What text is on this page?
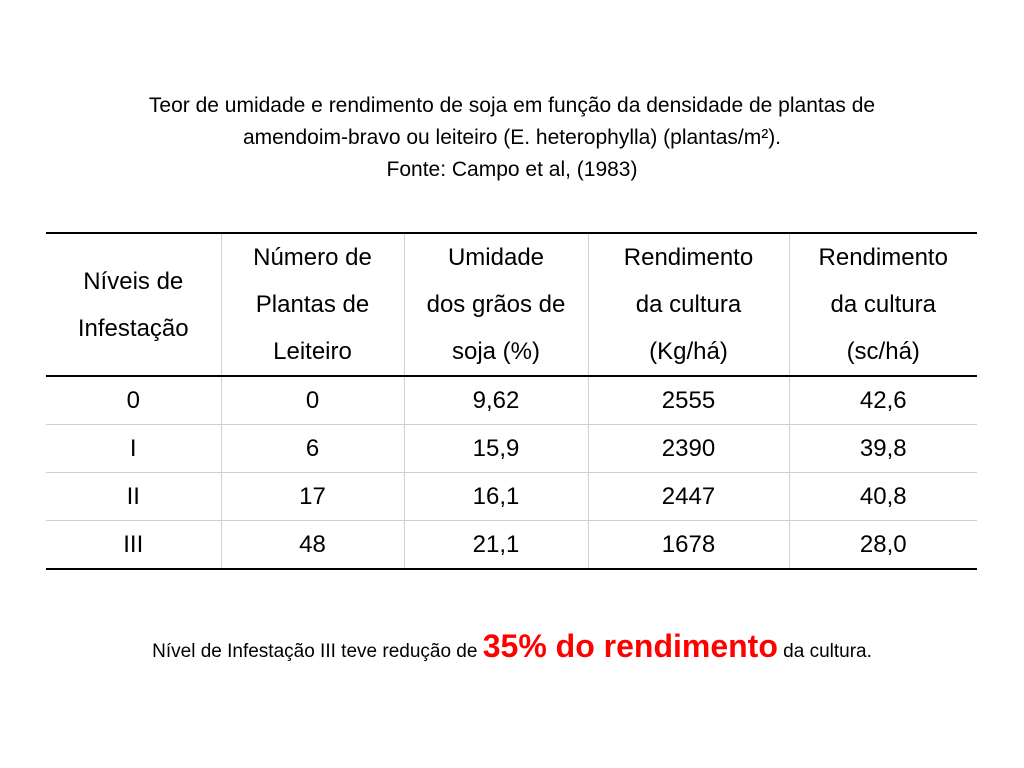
Teor de umidade e rendimento de soja em função da densidade de plantas de
amendoim-bravo ou leiteiro (E. heterophylla) (plantas/m²).
Fonte: Campo et al, (1983)
Níveis de
Infestação	Número de
Plantas de
Leiteiro	Umidade
dos grãos de
soja (%)	Rendimento
da cultura
(Kg/há)	Rendimento
da cultura
(sc/há)

0	0	9,62	2555	42,6
I	6	15,9	2390	39,8
II	17	16,1	2447	40,8
III	48	21,1	1678	28,0
Nível de Infestação III teve redução de 35% do rendimento da cultura.
